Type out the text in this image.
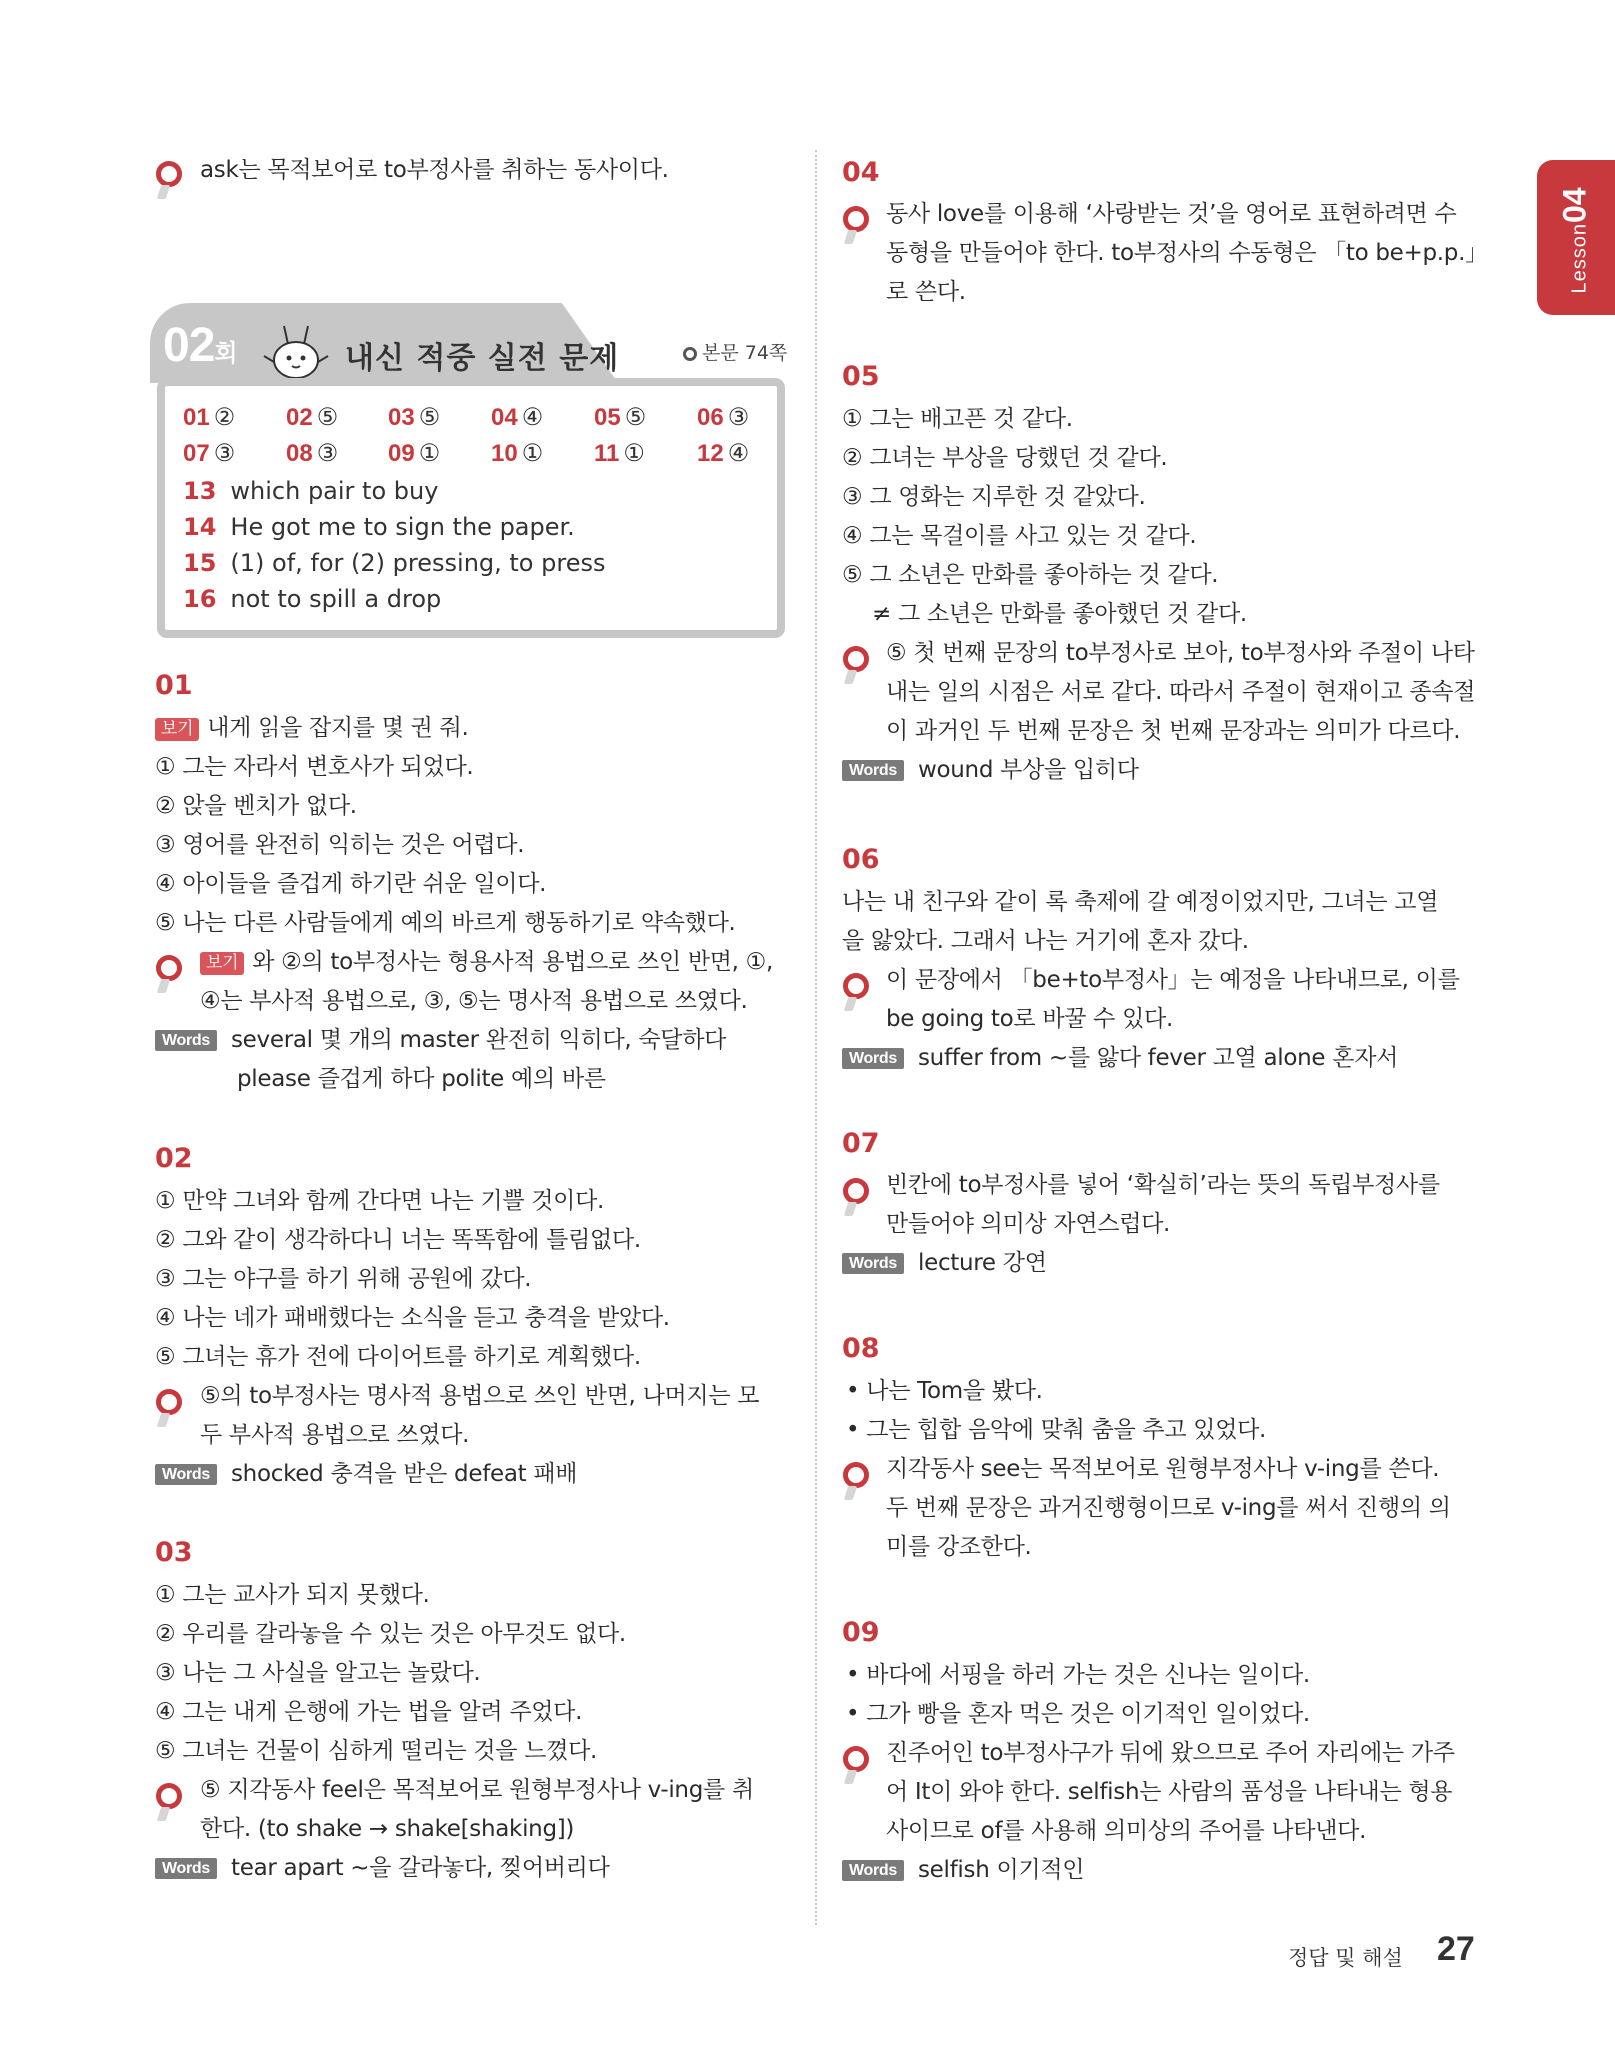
Lesson04
ask는 목적보어로 to부정사를 취하는 동사이다.
02회	내신 적중 실전 문제	본문 74쪽
01 ② 02 ⑤ 03 ⑤ 04 ④ 05 ⑤ 06 ③
07 ③ 08 ③ 09 ① 10 ① 11 ① 12 ④
13 which pair to buy
14 He got me to sign the paper.
15 (1) of, for (2) pressing, to press
16 not to spill a drop
01
보기 내게 읽을 잡지를 몇 권 줘.
① 그는 자라서 변호사가 되었다.
② 앉을 벤치가 없다.
③ 영어를 완전히 익히는 것은 어렵다.
④ 아이들을 즐겁게 하기란 쉬운 일이다.
⑤ 나는 다른 사람들에게 예의 바르게 행동하기로 약속했다.
보기 와 ②의 to부정사는 형용사적 용법으로 쓰인 반면, ①,
④는 부사적 용법으로, ③, ⑤는 명사적 용법으로 쓰였다.
Words several 몇 개의 master 완전히 익히다, 숙달하다
please 즐겁게 하다 polite 예의 바른
02
① 만약 그녀와 함께 간다면 나는 기쁠 것이다.
② 그와 같이 생각하다니 너는 똑똑함에 틀림없다.
③ 그는 야구를 하기 위해 공원에 갔다.
④ 나는 네가 패배했다는 소식을 듣고 충격을 받았다.
⑤ 그녀는 휴가 전에 다이어트를 하기로 계획했다.
⑤의 to부정사는 명사적 용법으로 쓰인 반면, 나머지는 모
두 부사적 용법으로 쓰였다.
Words shocked 충격을 받은 defeat 패배
03
① 그는 교사가 되지 못했다.
② 우리를 갈라놓을 수 있는 것은 아무것도 없다.
③ 나는 그 사실을 알고는 놀랐다.
④ 그는 내게 은행에 가는 법을 알려 주었다.
⑤ 그녀는 건물이 심하게 떨리는 것을 느꼈다.
⑤ 지각동사 feel은 목적보어로 원형부정사나 v-ing를 취
한다. (to shake → shake[shaking])
Words tear apart ~을 갈라놓다, 찢어버리다
04
동사 love를 이용해 ‘사랑받는 것’을 영어로 표현하려면 수
동형을 만들어야 한다. to부정사의 수동형은 「to be+p.p.」
로 쓴다.
05
① 그는 배고픈 것 같다.
② 그녀는 부상을 당했던 것 같다.
③ 그 영화는 지루한 것 같았다.
④ 그는 목걸이를 사고 있는 것 같다.
⑤ 그 소년은 만화를 좋아하는 것 같다.
≠ 그 소년은 만화를 좋아했던 것 같다.
⑤ 첫 번째 문장의 to부정사로 보아, to부정사와 주절이 나타
내는 일의 시점은 서로 같다. 따라서 주절이 현재이고 종속절
이 과거인 두 번째 문장은 첫 번째 문장과는 의미가 다르다.
Words wound 부상을 입히다
06
나는 내 친구와 같이 록 축제에 갈 예정이었지만, 그녀는 고열
을 앓았다. 그래서 나는 거기에 혼자 갔다.
이 문장에서 「be+to부정사」는 예정을 나타내므로, 이를
be going to로 바꿀 수 있다.
Words suffer from ~를 앓다 fever 고열 alone 혼자서
07
빈칸에 to부정사를 넣어 ‘확실히’라는 뜻의 독립부정사를
만들어야 의미상 자연스럽다.
Words lecture 강연
08
• 나는 Tom을 봤다.
• 그는 힙합 음악에 맞춰 춤을 추고 있었다.
지각동사 see는 목적보어로 원형부정사나 v-ing를 쓴다.
두 번째 문장은 과거진행형이므로 v-ing를 써서 진행의 의
미를 강조한다.
09
• 바다에 서핑을 하러 가는 것은 신나는 일이다.
• 그가 빵을 혼자 먹은 것은 이기적인 일이었다.
진주어인 to부정사구가 뒤에 왔으므로 주어 자리에는 가주
어 It이 와야 한다. selfish는 사람의 품성을 나타내는 형용
사이므로 of를 사용해 의미상의 주어를 나타낸다.
Words selfish 이기적인
정답 및 해설 27
